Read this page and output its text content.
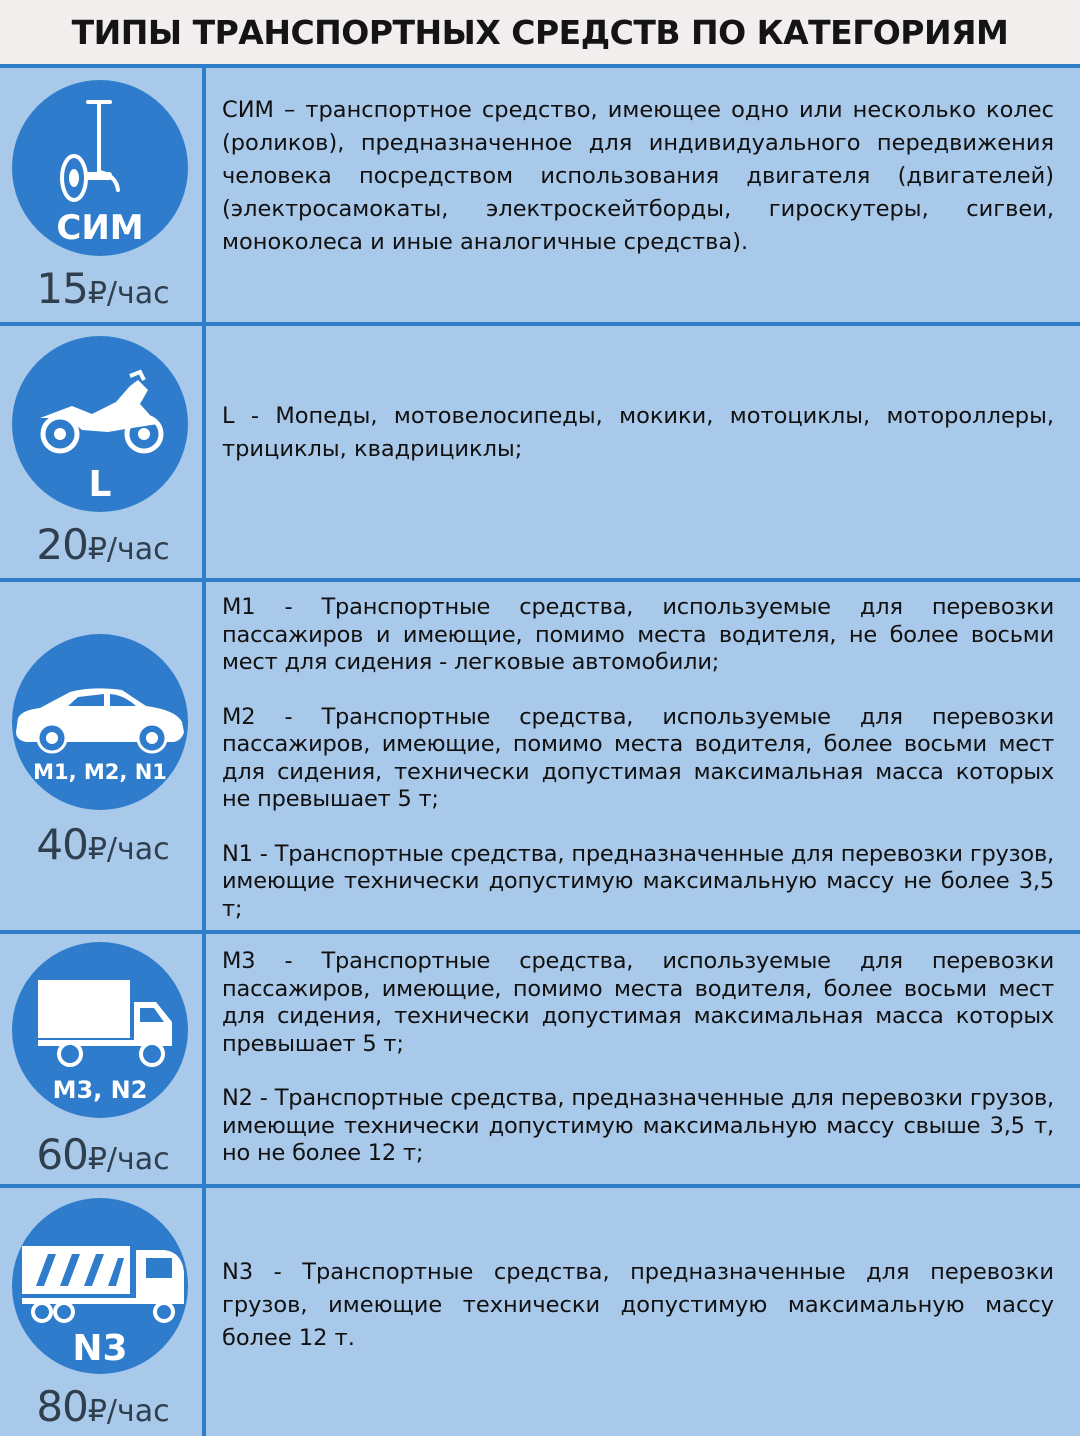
ТИПЫ ТРАНСПОРТНЫХ СРЕДСТВ ПО КАТЕГОРИЯМ
СИМ
15₽/час

СИМ – транспортное средство, имеющее одно или несколько колес (роликов), предназначенное для индивидуального передвижения человека посредством использования двигателя (двигателей) (электросамокаты, электроскейтборды, гироскутеры, сигвеи, моноколеса и иные аналогичные средства).

L
20₽/час

L - Мопеды, мотовелосипеды, мокики, мотоциклы, мотороллеры, трициклы, квадрициклы;

M1, M2, N1
40₽/час

M1 - Транспортные средства, используемые для перевозки пассажиров и имеющие, помимо места водителя, не более восьми мест для сидения - легковые автомобили;

M2 - Транспортные средства, используемые для перевозки пассажиров, имеющие, помимо места водителя, более восьми мест для сидения, технически допустимая максимальная масса которых не превышает 5 т;

N1 - Транспортные средства, предназначенные для перевозки грузов, имеющие технически допустимую максимальную массу не более 3,5 т;

M3, N2
60₽/час

M3 - Транспортные средства, используемые для перевозки пассажиров, имеющие, помимо места водителя, более восьми мест для сидения, технически допустимая максимальная масса которых превышает 5 т;

N2 - Транспортные средства, предназначенные для перевозки грузов, имеющие технически допустимую максимальную массу свыше 3,5 т, но не более 12 т;

N3
80₽/час

N3 - Транспортные средства, предназначенные для перевозки грузов, имеющие технически допустимую максимальную массу более 12 т.
